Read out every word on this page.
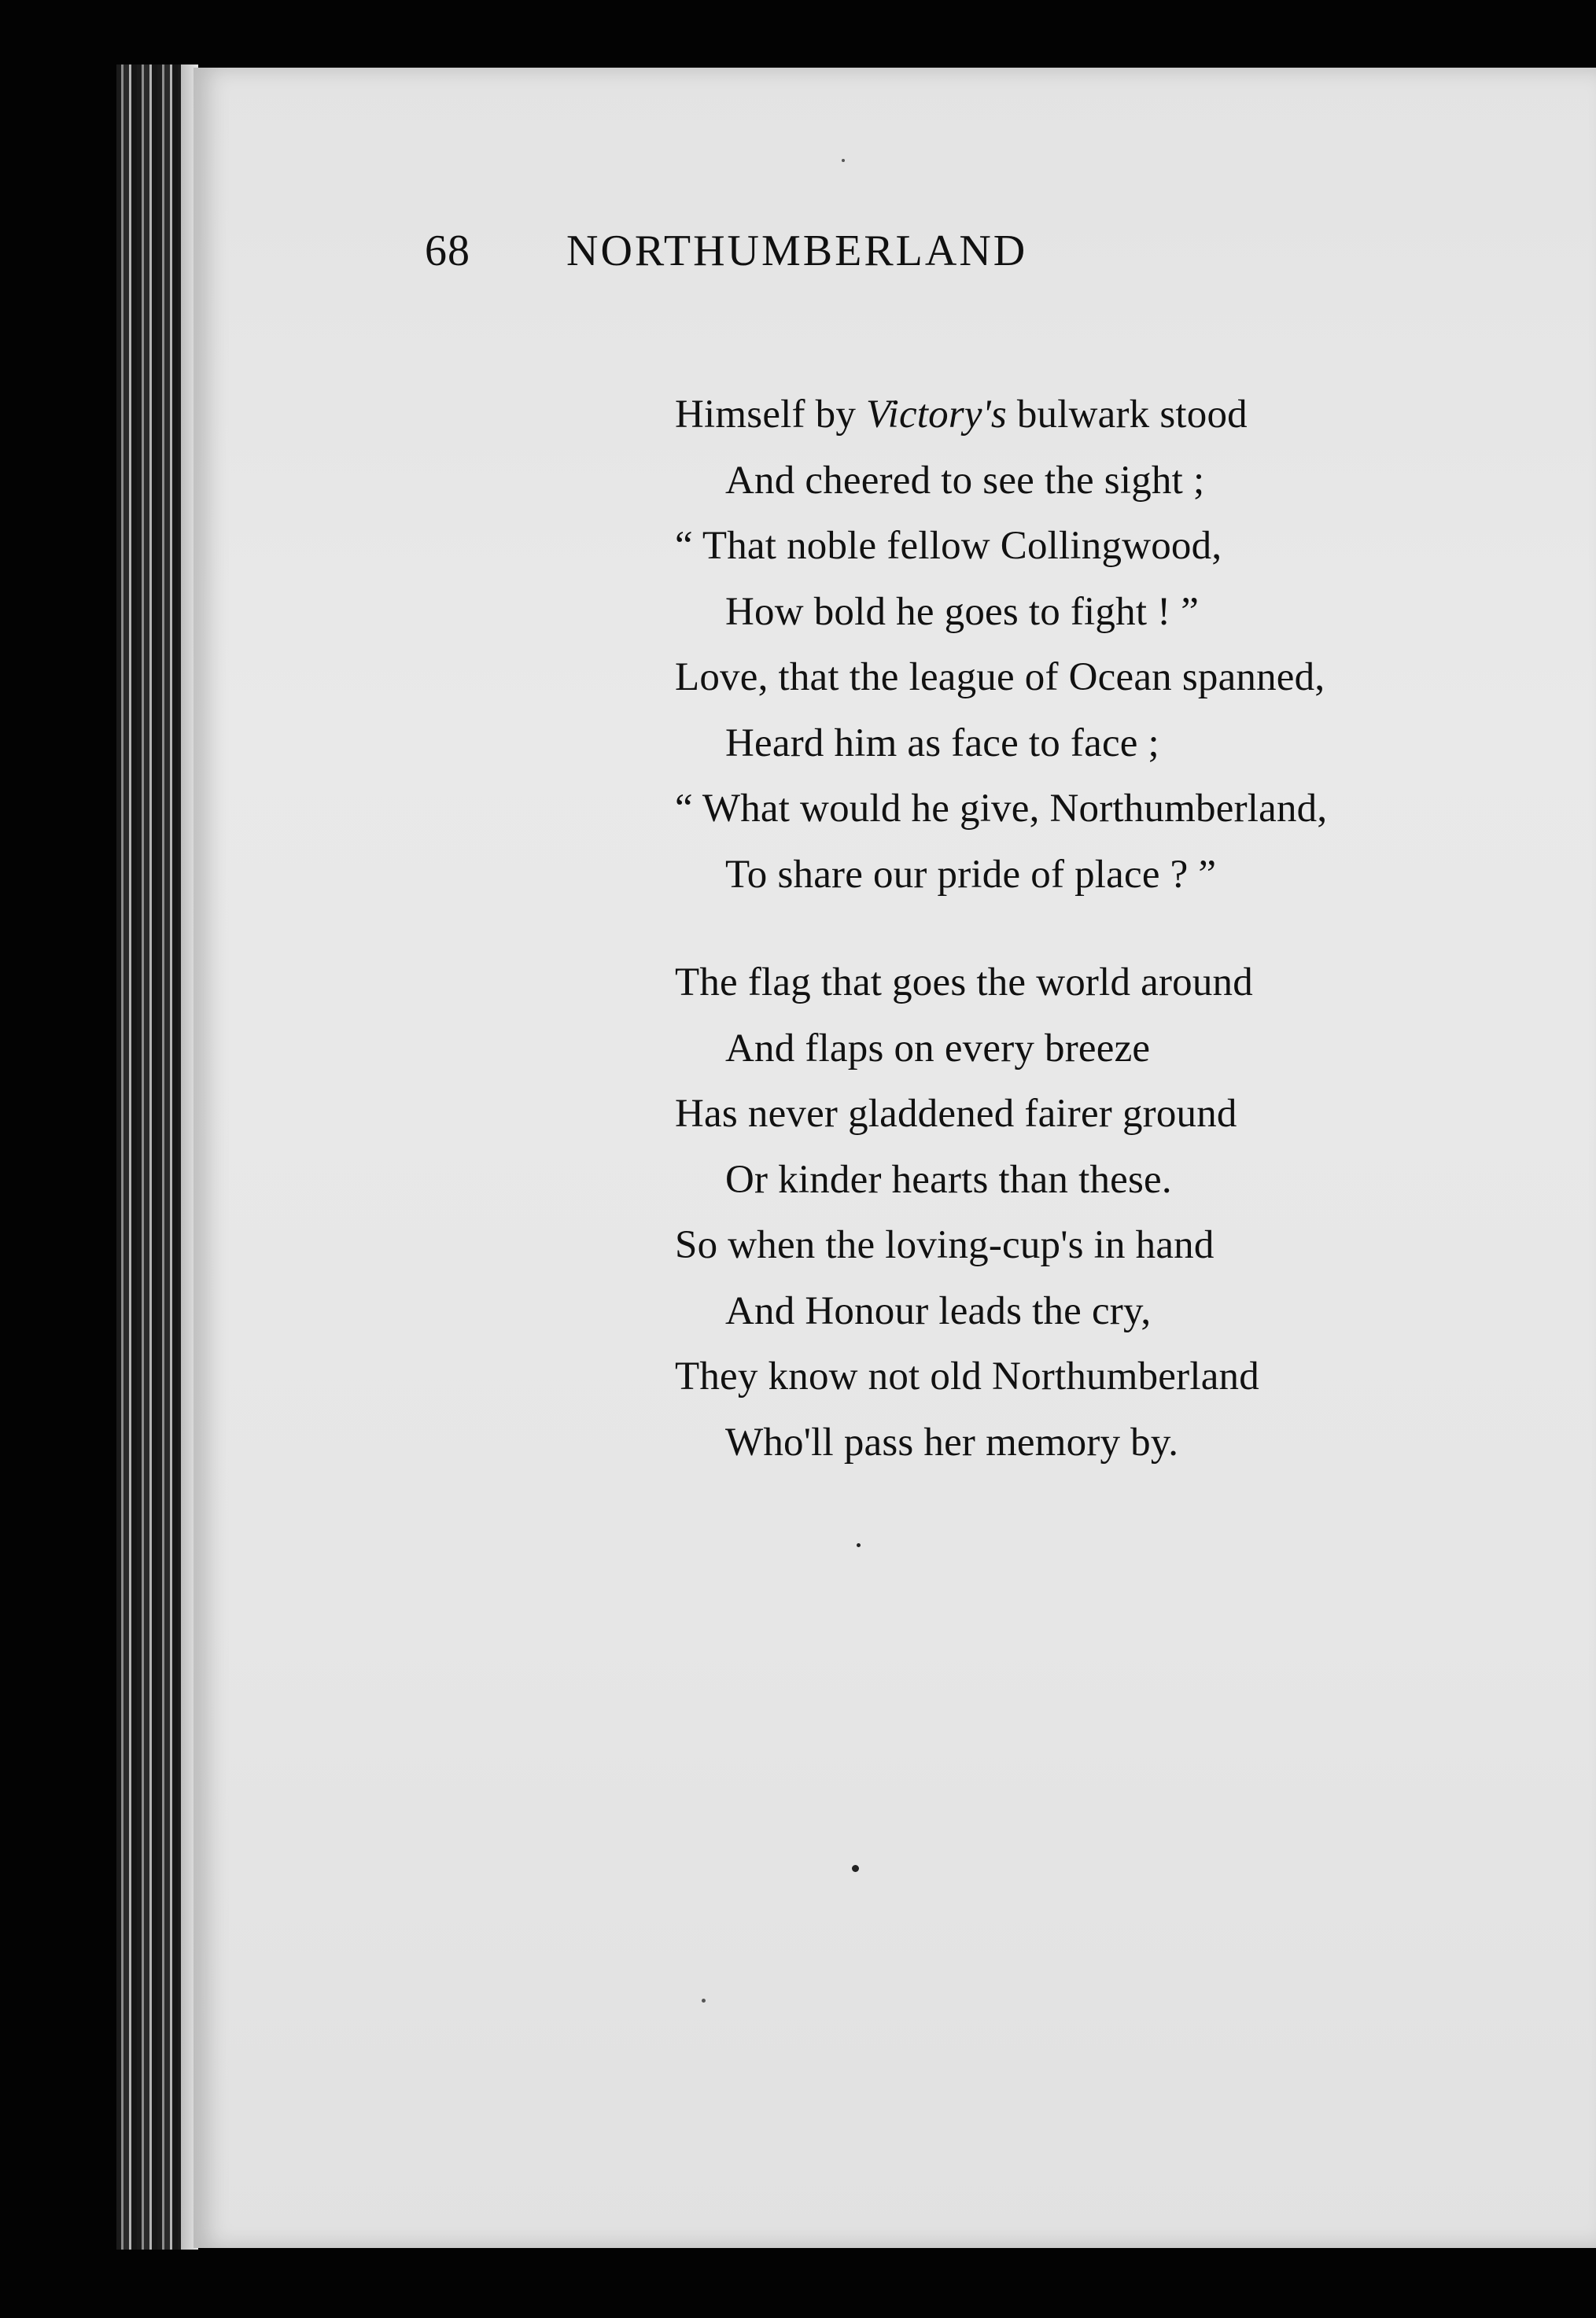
68 NORTHUMBERLAND
Himself by Victory's bulwark stood
And cheered to see the sight ;
“ That noble fellow Collingwood,
How bold he goes to fight ! ”
Love, that the league of Ocean spanned,
Heard him as face to face ;
“ What would he give, Northumberland,
To share our pride of place ? ”
The flag that goes the world around
And flaps on every breeze
Has never gladdened fairer ground
Or kinder hearts than these.
So when the loving-cup's in hand
And Honour leads the cry,
They know not old Northumberland
Who'll pass her memory by.
